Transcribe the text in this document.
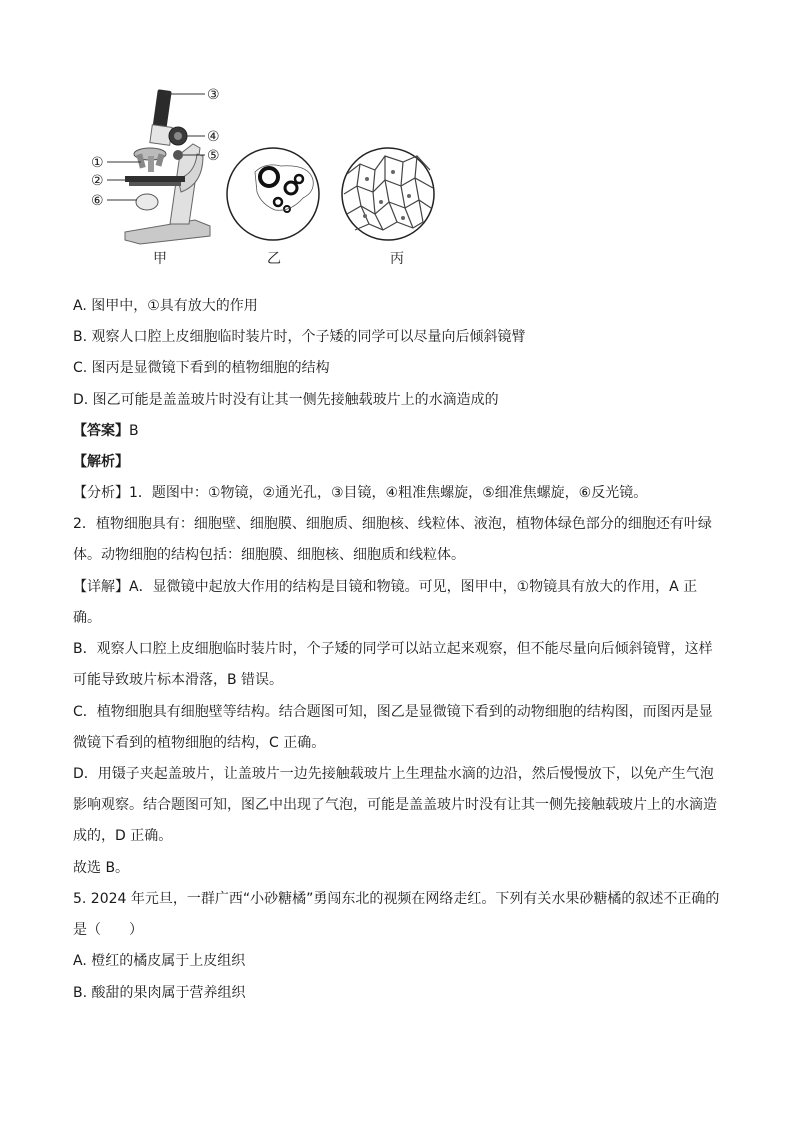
③
④
⑤
①
②
⑥
甲	乙	丙
A. 图甲中，①具有放大的作用
B. 观察人口腔上皮细胞临时装片时，个子矮的同学可以尽量向后倾斜镜臂
C. 图丙是显微镜下看到的植物细胞的结构
D. 图乙可能是盖盖玻片时没有让其一侧先接触载玻片上的水滴造成的
【答案】B
【解析】
【分析】1．题图中：①物镜，②通光孔，③目镜，④粗准焦螺旋，⑤细准焦螺旋，⑥反光镜。
2．植物细胞具有：细胞壁、细胞膜、细胞质、细胞核、线粒体、液泡，植物体绿色部分的细胞还有叶绿
体。动物细胞的结构包括：细胞膜、细胞核、细胞质和线粒体。
【详解】A．显微镜中起放大作用的结构是目镜和物镜。可见，图甲中，①物镜具有放大的作用，A 正
确。
B．观察人口腔上皮细胞临时装片时，个子矮的同学可以站立起来观察，但不能尽量向后倾斜镜臂，这样
可能导致玻片标本滑落，B 错误。
C．植物细胞具有细胞壁等结构。结合题图可知，图乙是显微镜下看到的动物细胞的结构图，而图丙是显
微镜下看到的植物细胞的结构，C 正确。
D．用镊子夹起盖玻片，让盖玻片一边先接触载玻片上生理盐水滴的边沿，然后慢慢放下，以免产生气泡
影响观察。结合题图可知，图乙中出现了气泡，可能是盖盖玻片时没有让其一侧先接触载玻片上的水滴造
成的，D 正确。
故选 B。
5. 2024 年元旦，一群广西“小砂糖橘”勇闯东北的视频在网络走红。下列有关水果砂糖橘的叙述不正确的
是（　　）
A. 橙红的橘皮属于上皮组织
B. 酸甜的果肉属于营养组织
